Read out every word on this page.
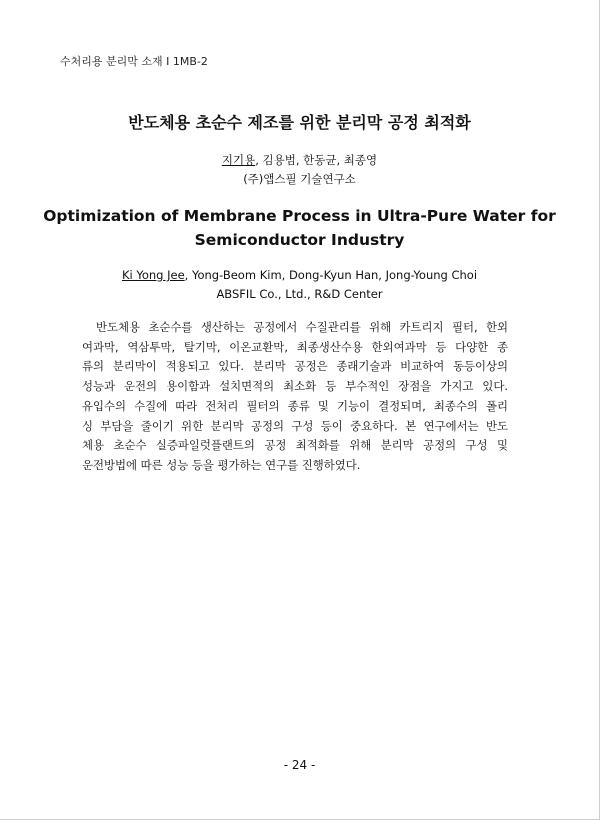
수처리용 분리막 소재 Ⅰ 1MB-2
반도체용 초순수 제조를 위한 분리막 공정 최적화
지기용, 김용범, 한동균, 최종영
(주)앱스필 기술연구소
Optimization of Membrane Process in Ultra-Pure Water for
Semiconductor Industry
Ki Yong Jee, Yong-Beom Kim, Dong-Kyun Han, Jong-Young Choi
ABSFIL Co., Ltd., R&D Center
반도체용 초순수를 생산하는 공정에서 수질관리를 위해 카트리지 필터, 한외
여과막, 역삼투막, 탈기막, 이온교환막, 최종생산수용 한외여과막 등 다양한 종
류의 분리막이 적용되고 있다. 분리막 공정은 종래기술과 비교하여 동등이상의
성능과 운전의 용이함과 설치면적의 최소화 등 부수적인 장점을 가지고 있다.
유입수의 수질에 따라 전처리 필터의 종류 및 기능이 결정되며, 최종수의 폴리
싱 부담을 줄이기 위한 분리막 공정의 구성 등이 중요하다. 본 연구에서는 반도
체용 초순수 실증파일럿플랜트의 공정 최적화를 위해 분리막 공정의 구성 및
운전방법에 따른 성능 등을 평가하는 연구를 진행하였다.
- 24 -
